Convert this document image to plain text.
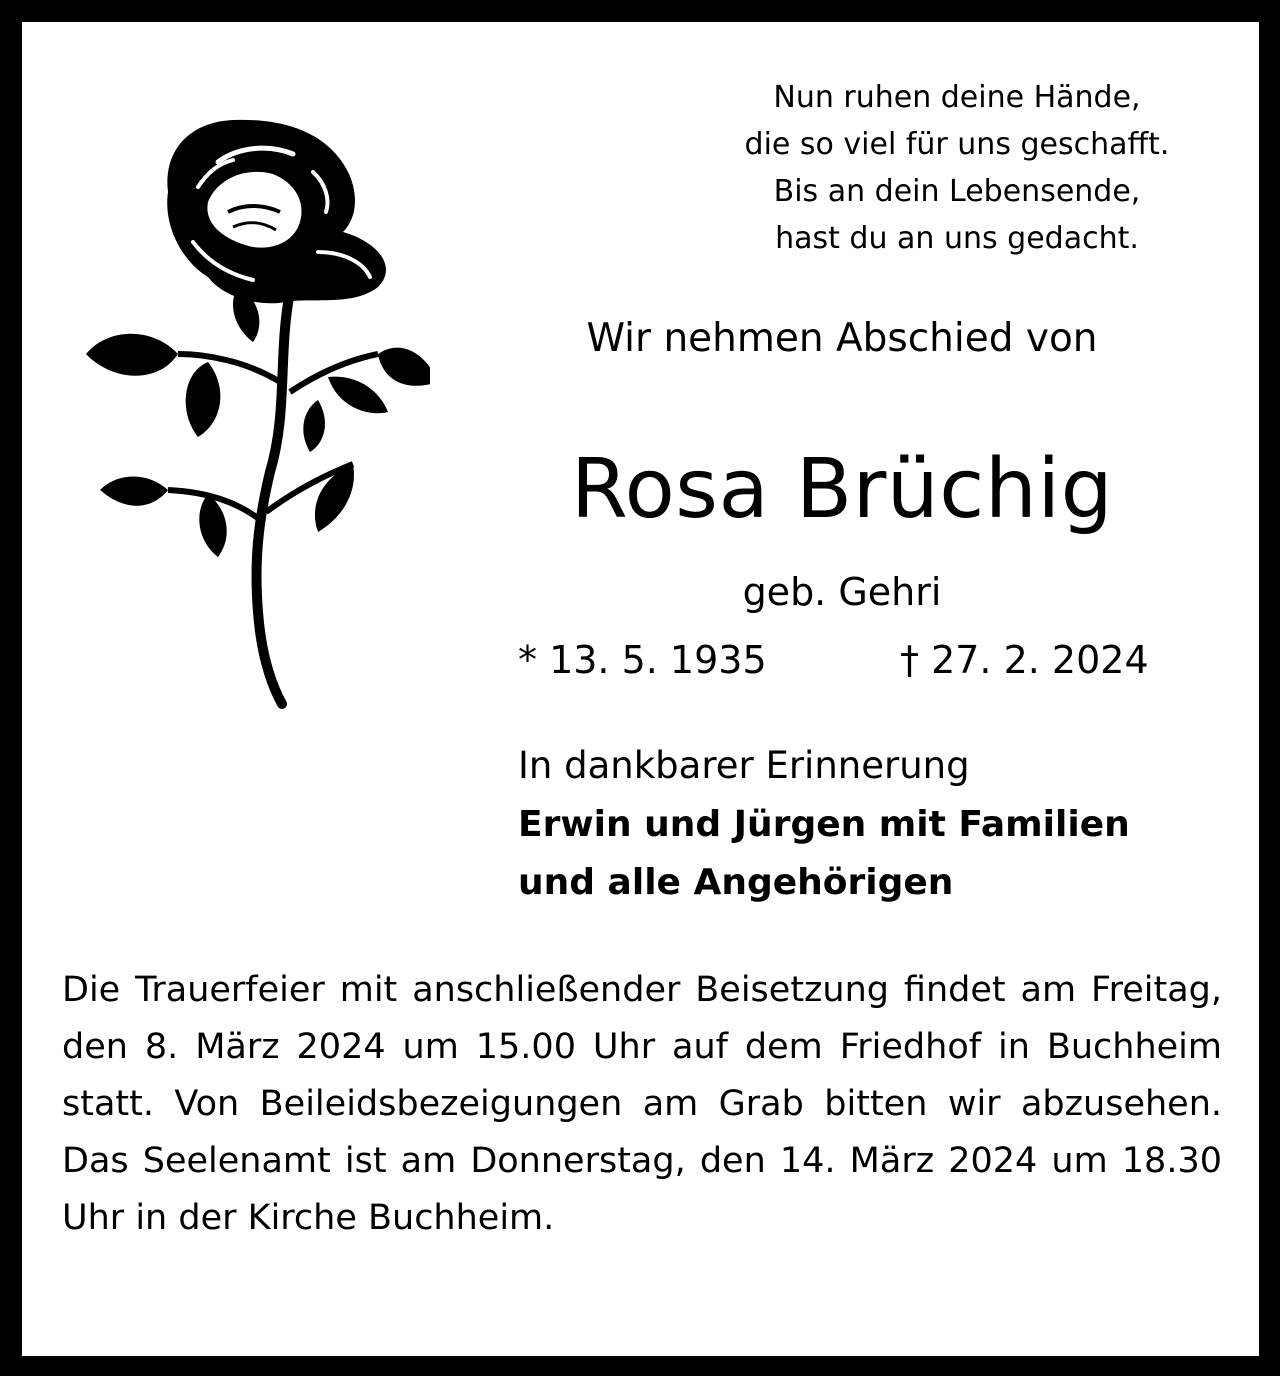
Nun ruhen deine Hände,
die so viel für uns geschafft.
Bis an dein Lebensende,
hast du an uns gedacht.
Wir nehmen Abschied von
Rosa Brüchig
geb. Gehri
* 13. 5. 1935	† 27. 2. 2024
In dankbarer Erinnerung
Erwin und Jürgen mit Familien
und alle Angehörigen
Die Trauerfeier mit anschließender Beisetzung findet am Freitag, den 8. März 2024 um 15.00 Uhr auf dem Friedhof in Buchheim statt. Von Beileidsbezeigungen am Grab bitten wir abzusehen. Das Seelenamt ist am Donnerstag, den 14. März 2024 um 18.30 Uhr in der Kirche Buchheim.
